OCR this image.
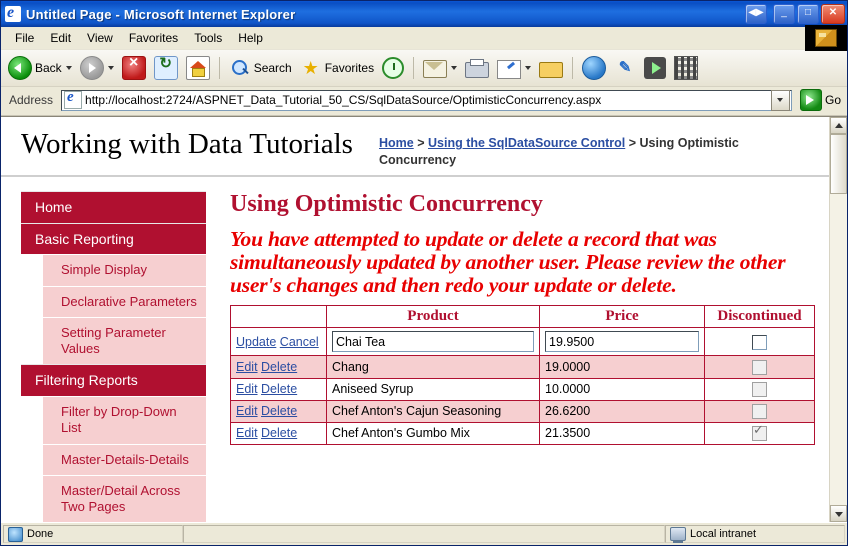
e
Untitled Page - Microsoft Internet Explorer	◀▶	_	□	✕
File	Edit	View	Favorites	Tools	Help
Back × ↻	Search ★	Favorites
✎
Address e	http://localhost:2724/ASPNET_Data_Tutorial_50_CS/SqlDataSource/OptimisticConcurrency.aspx	Go
Working with Data Tutorials	Home > Using the SqlDataSource Control > Using Optimistic Concurrency
Home
Basic Reporting
Simple Display
Declarative Parameters
Setting Parameter Values
Filtering Reports
Filter by Drop-Down List
Master-Details-Details
Master/Detail Across Two Pages
Using Optimistic Concurrency
You have attempted to update or delete a record that was simultaneously updated by another user. Please review the other user's changes and then redo your update or delete.
	Product	Price	Discontinued
Update Cancel	Chai Tea	19.9500	
Edit Delete	Chang	19.0000	
Edit Delete	Aniseed Syrup	10.0000	
Edit Delete	Chef Anton's Cajun Seasoning	26.6200	
Edit Delete	Chef Anton's Gumbo Mix	21.3500	✓
Done	Local intranet
